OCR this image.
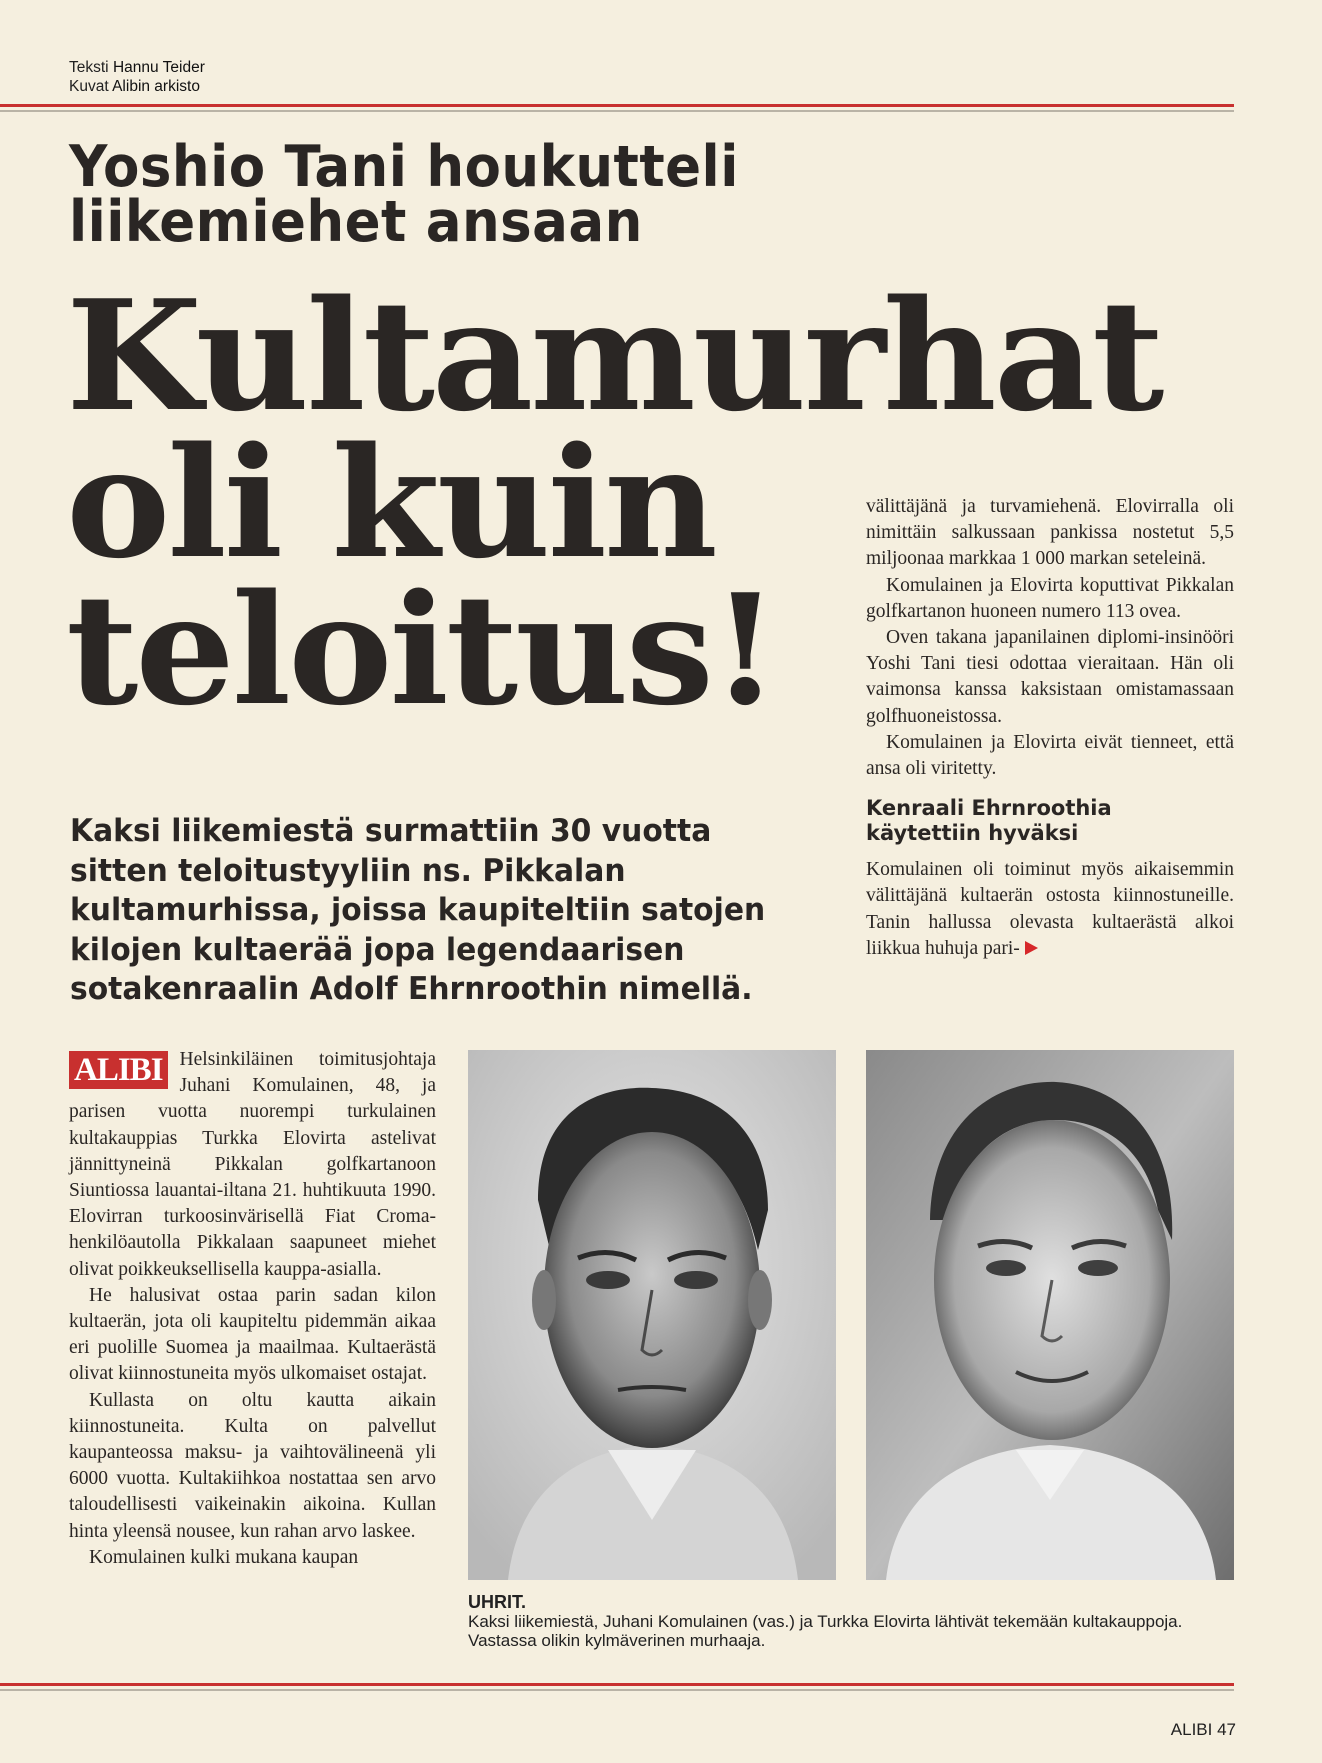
Teksti Hannu Teider
Kuvat Alibin arkisto
Yoshio Tani houkutteli
liikemiehet ansaan
Kultamurhat
oli kuin
teloitus!
Kaksi liikemiestä surmattiin 30 vuotta sitten teloitustyyliin ns. Pikkalan kultamurhissa, joissa kaupiteltiin satojen kilojen kultaerää jopa legendaarisen sotakenraalin Adolf Ehrnroothin nimellä.

välittäjänä ja turvamiehenä. Elovirralla oli nimittäin salkussaan pankissa nostetut 5,5 miljoonaa markkaa 1 000 markan seteleinä.

Komulainen ja Elovirta koputtivat Pikkalan golfkartanon huoneen numero 113 ovea.

Oven takana japanilainen diplomi-insinööri Yoshi Tani tiesi odottaa vieraitaan. Hän oli vaimonsa kanssa kaksistaan omistamassaan golfhuoneistossa.

Komulainen ja Elovirta eivät tienneet, että ansa oli viritetty.

Kenraali Ehrnroothia
käytettiin hyväksi

Komulainen oli toiminut myös aikaisemmin välittäjänä kultaerän ostosta kiinnostuneille. Tanin hallussa olevasta kultaerästä alkoi liikkua huhuja pari-

ALIBI Helsinkiläinen toimitusjohtaja Juhani Komulainen, 48, ja parisen vuotta nuorempi turkulainen kultakauppias Turkka Elovirta astelivat jännittyneinä Pikkalan golfkartanoon Siuntiossa lauantai-iltana 21. huhtikuuta 1990. Elovirran turkoosinvärisellä Fiat Croma-henkilöautolla Pikkalaan saapuneet miehet olivat poikkeuksellisella kauppa-asialla.

He halusivat ostaa parin sadan kilon kultaerän, jota oli kaupiteltu pidemmän aikaa eri puolille Suomea ja maailmaa. Kultaerästä olivat kiinnostuneita myös ulkomaiset ostajat.

Kullasta on oltu kautta aikain kiinnostuneita. Kulta on palvellut kaupanteossa maksu- ja vaihtovälineenä yli 6000 vuotta. Kultakiihkoa nostattaa sen arvo taloudellisesti vaikeinakin aikoina. Kullan hinta yleensä nousee, kun rahan arvo laskee.

Komulainen kulki mukana kaupan

UHRIT.
Kaksi liikemiestä, Juhani Komulainen (vas.) ja Turkka Elovirta lähtivät tekemään kultakauppoja. Vastassa olikin kylmäverinen murhaaja.
ALIBI 47
